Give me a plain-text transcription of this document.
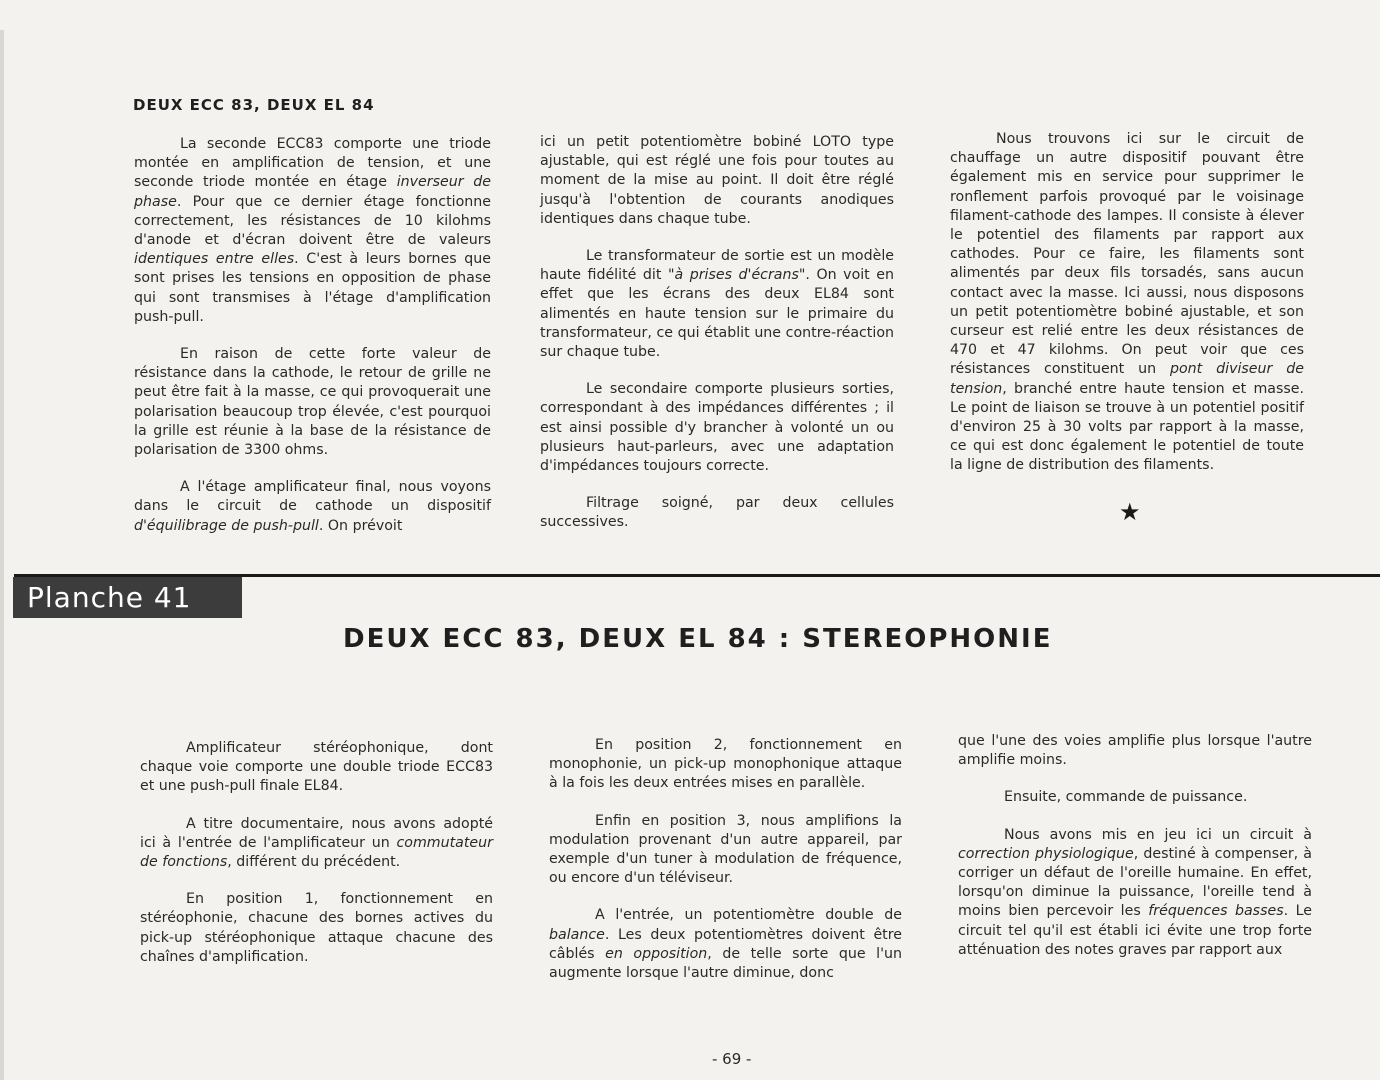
DEUX ECC 83, DEUX EL 84

La seconde ECC83 comporte une triode montée en amplification de tension, et une seconde triode montée en étage inverseur de phase. Pour que ce dernier étage fonctionne correctement, les résistances de 10 kilohms d'anode et d'écran doivent être de valeurs identiques entre elles. C'est à leurs bornes que sont prises les tensions en opposition de phase qui sont transmises à l'étage d'amplification push-pull.

En raison de cette forte valeur de résistance dans la cathode, le retour de grille ne peut être fait à la masse, ce qui provoquerait une polarisation beaucoup trop élevée, c'est pourquoi la grille est réunie à la base de la résistance de polarisation de 3300 ohms.

A l'étage amplificateur final, nous voyons dans le circuit de cathode un dispositif d'équilibrage de push-pull. On prévoit

ici un petit potentiomètre bobiné LOTO type ajustable, qui est réglé une fois pour toutes au moment de la mise au point. Il doit être réglé jusqu'à l'obtention de courants anodiques identiques dans chaque tube.

Le transformateur de sortie est un modèle haute fidélité dit "à prises d'écrans". On voit en effet que les écrans des deux EL84 sont alimentés en haute tension sur le primaire du transformateur, ce qui établit une contre-réaction sur chaque tube.

Le secondaire comporte plusieurs sorties, correspondant à des impédances différentes ; il est ainsi possible d'y brancher à volonté un ou plusieurs haut-parleurs, avec une adaptation d'impédances toujours correcte.

Filtrage soigné, par deux cellules successives.

Nous trouvons ici sur le circuit de chauffage un autre dispositif pouvant être également mis en service pour supprimer le ronflement parfois provoqué par le voisinage filament-cathode des lampes. Il consiste à élever le potentiel des filaments par rapport aux cathodes. Pour ce faire, les filaments sont alimentés par deux fils torsadés, sans aucun contact avec la masse. Ici aussi, nous disposons un petit potentiomètre bobiné ajustable, et son curseur est relié entre les deux résistances de 470 et 47 kilohms. On peut voir que ces résistances constituent un pont diviseur de tension, branché entre haute tension et masse. Le point de liaison se trouve à un potentiel positif d'environ 25 à 30 volts par rapport à la masse, ce qui est donc également le potentiel de toute la ligne de distribution des filaments.

★
Planche 41
DEUX ECC 83, DEUX EL 84 : STEREOPHONIE

Amplificateur stéréophonique, dont chaque voie comporte une double triode ECC83 et une push-pull finale EL84.

A titre documentaire, nous avons adopté ici à l'entrée de l'amplificateur un commutateur de fonctions, différent du précédent.

En position 1, fonctionnement en stéréophonie, chacune des bornes actives du pick-up stéréophonique attaque chacune des chaînes d'amplification.

En position 2, fonctionnement en monophonie, un pick-up monophonique attaque à la fois les deux entrées mises en parallèle.

Enfin en position 3, nous amplifions la modulation provenant d'un autre appareil, par exemple d'un tuner à modulation de fréquence, ou encore d'un téléviseur.

A l'entrée, un potentiomètre double de balance. Les deux potentiomètres doivent être câblés en opposition, de telle sorte que l'un augmente lorsque l'autre diminue, donc

que l'une des voies amplifie plus lorsque l'autre amplifie moins.

Ensuite, commande de puissance.

Nous avons mis en jeu ici un circuit à correction physiologique, destiné à compenser, à corriger un défaut de l'oreille humaine. En effet, lorsqu'on diminue la puissance, l'oreille tend à moins bien percevoir les fréquences basses. Le circuit tel qu'il est établi ici évite une trop forte atténuation des notes graves par rapport aux

- 69 -
